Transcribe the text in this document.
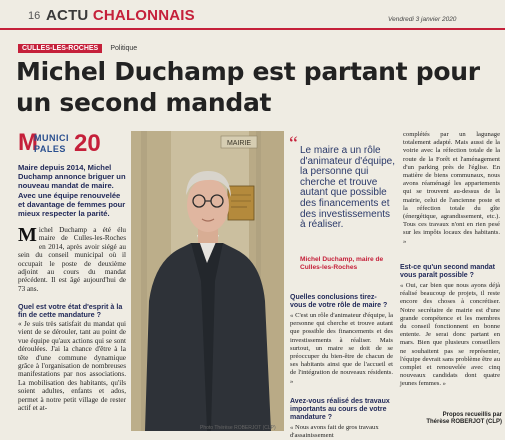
16 ACTU CHALONNAIS	Vendredi 3 janvier 2020
CULLES-LES-ROCHES Politique
Michel Duchamp est partant pour un second mandat
M
MUNICI
PALES 20

Maire depuis 2014, Michel Duchamp annonce briguer un nouveau mandat de maire. Avec une équipe renouvelée et davantage de femmes pour mieux respecter la parité.

Michel Duchamp a été élu maire de Culles-les-Roches en 2014, après avoir siégé au sein du conseil municipal où il occupait le poste de deuxième adjoint au cours du mandat précédent. Il est âgé aujourd'hui de 73 ans.

Quel est votre état d'esprit à la fin de cette mandature ?

« Je suis très satisfait du mandat qui vient de se dérouler, tant au point de vue équipe qu'aux actions qui se sont déroulées. J'ai la chance d'être à la tête d'une commune dynamique grâce à l'organisation de nombreuses manifestations par nos associations. La mobilisation des habitants, qu'ils soient adultes, enfants et ados, permet à notre petit village de rester actif et at-

MAIRIE
Photo Thérèse ROBERJOT (CLP)
“ Le maire a un rôle d'animateur d'équipe, la personne qui cherche et trouve autant que possible des financements et des investissements à réaliser.

Michel Duchamp, maire de Culles-les-Roches

complétés par un lagunage totalement adapté. Mais aussi de la voirie avec la réfection totale de la route de la Forêt et l'aménagement d'un parking près de l'église. En matière de biens communaux, nous avons réaménagé les appartements qui se trouvent au-dessus de la mairie, celui de l'ancienne poste et la réfection totale du gîte (énergétique, agrandissement, etc.). Tous ces travaux n'ont en rien pesé sur les impôts locaux des habitants. »

Quelles conclusions tirez-vous de votre rôle de maire ?

« C'est un rôle d'animateur d'équipe, la personne qui cherche et trouve autant que possible des financements et des investissements à réaliser. Mais surtout, un maire se doit de se préoccuper du bien-être de chacun de ses habitants ainsi que de l'accueil et de l'intégration de nouveaux résidents. »

Avez-vous réalisé des travaux importants au cours de votre mandature ?

« Nous avons fait de gros travaux d'assainissement

Est-ce qu'un second mandat vous paraît possible ?

« Oui, car bien que nous ayons déjà réalisé beaucoup de projets, il reste encore des choses à concrétiser. Notre secrétaire de mairie est d'une grande compétence et les membres du conseil fonctionnent en bonne entente. Je serai donc partant en mars. Bien que plusieurs conseillers ne souhaitent pas se représenter, l'équipe devrait sans problème être au complet et renouvelée avec cinq nouveaux candidats dont quatre jeunes femmes. »

Propos recueillis par
Thérèse ROBERJOT (CLP)
